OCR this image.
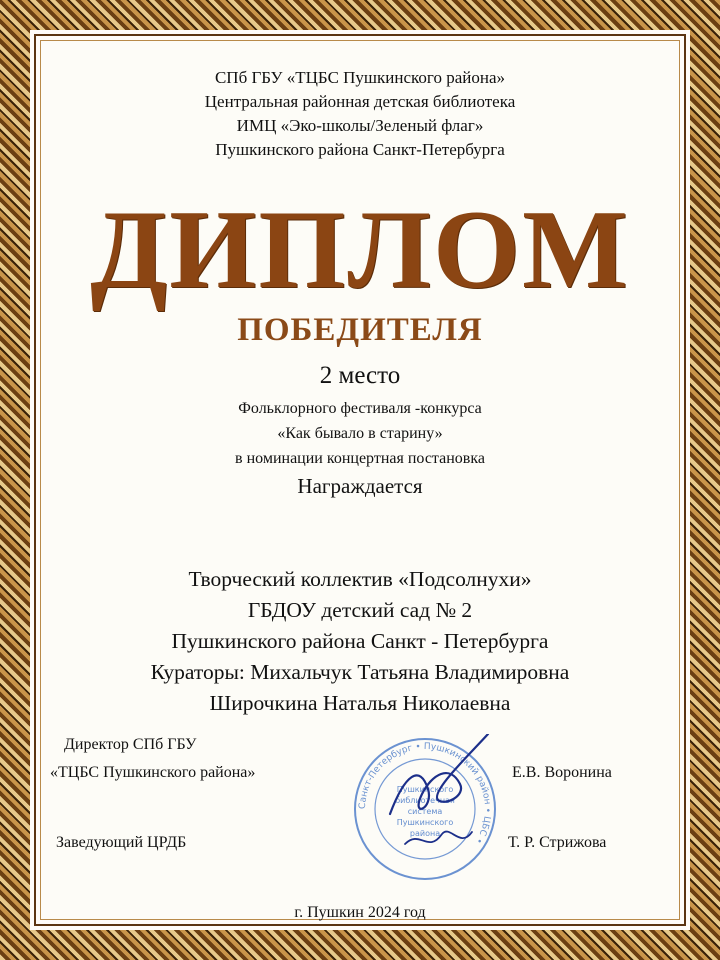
СПб ГБУ «ТЦБС Пушкинского района»
Центральная районная детская библиотека
ИМЦ «Эко-школы/Зеленый флаг»
Пушкинского района Санкт-Петербурга
ДИПЛОМ
ПОБЕДИТЕЛЯ
2 место
Фольклорного фестиваля -конкурса
«Как бывало в старину»
в номинации концертная постановка
Награждается
Творческий коллектив «Подсолнухи»
ГБДОУ детский сад № 2
Пушкинского района Санкт - Петербурга
Кураторы: Михальчук Татьяна Владимировна
Широчкина Наталья Николаевна
Директор СПб ГБУ
«ТЦБС Пушкинского района»	Е.В. Воронина
Заведующий ЦРДБ	Т. Р. Стрижова
Санкт-Петербург • Пушкинский район • ЦБС •
Пушкинского
библиотечная
система
Пушкинского
района
г. Пушкин 2024 год
